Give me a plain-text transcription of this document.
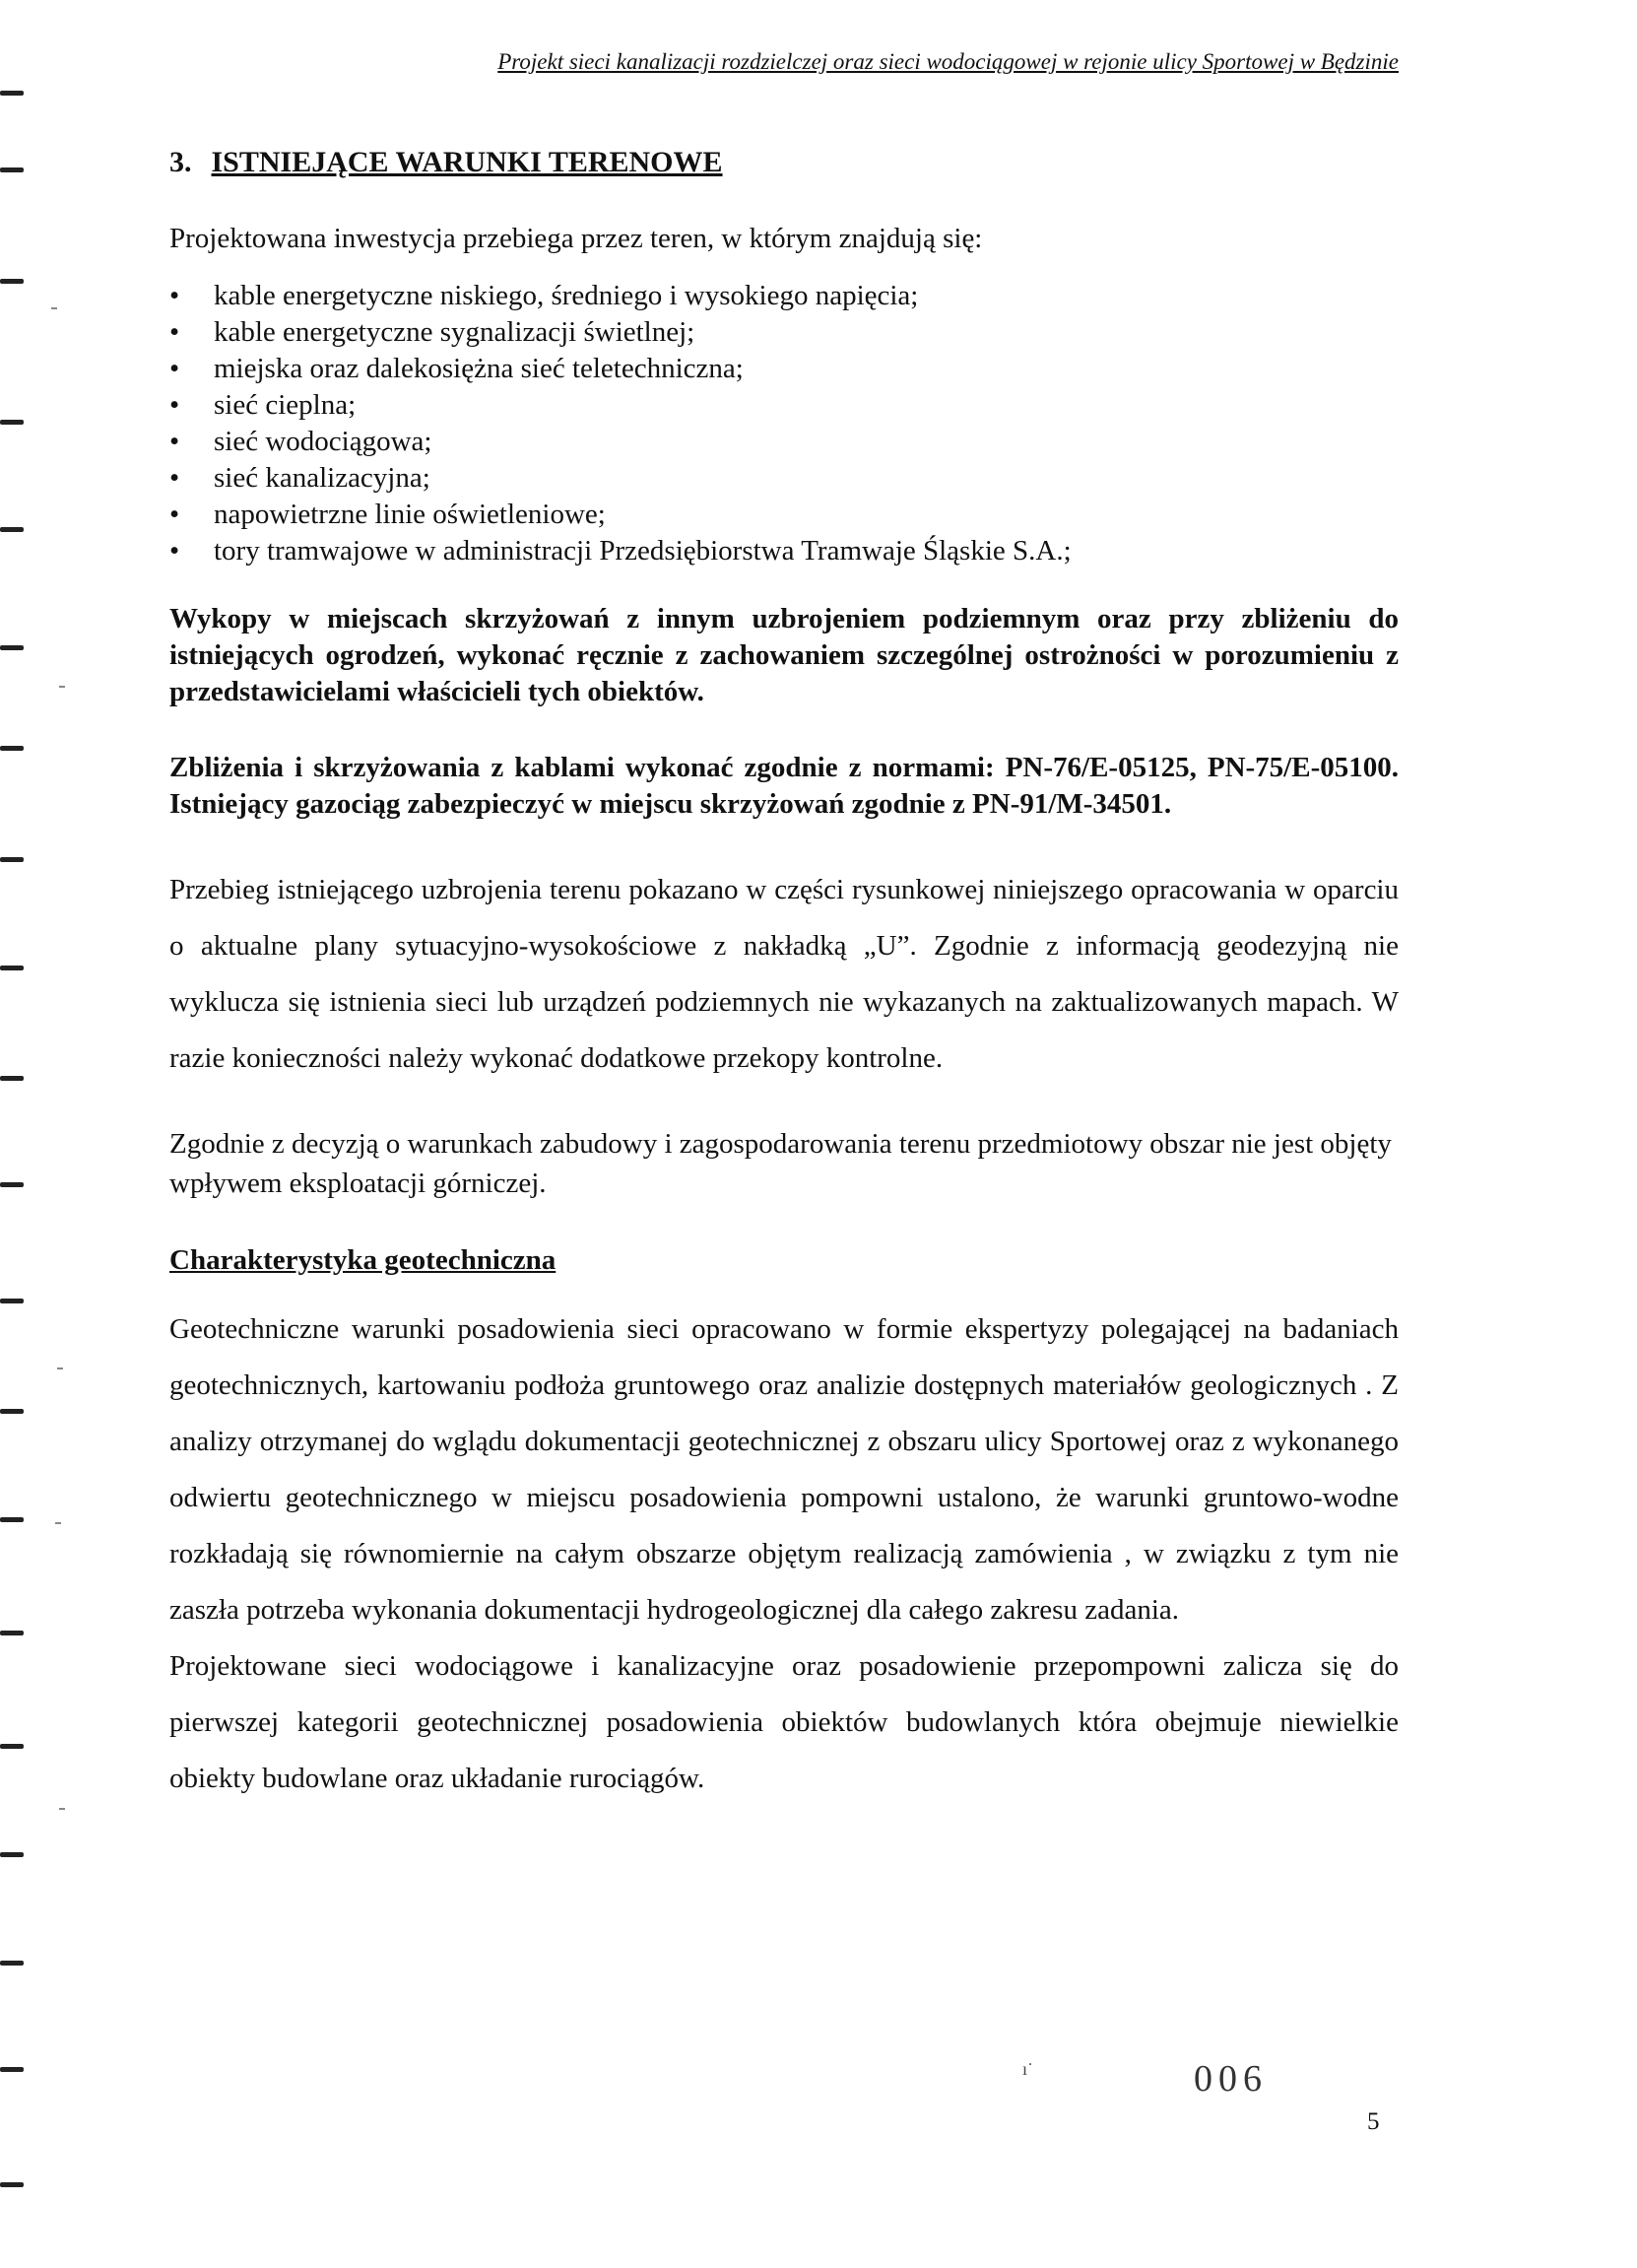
Projekt sieci kanalizacji rozdzielczej oraz sieci wodociągowej w rejonie ulicy Sportowej w Będzinie
3. ISTNIEJĄCE WARUNKI TERENOWE

Projektowana inwestycja przebiega przez teren, w którym znajdują się:

• kable energetyczne niskiego, średniego i wysokiego napięcia;
• kable energetyczne sygnalizacji świetlnej;
• miejska oraz dalekosiężna sieć teletechniczna;
• sieć cieplna;
• sieć wodociągowa;
• sieć kanalizacyjna;
• napowietrzne linie oświetleniowe;
• tory tramwajowe w administracji Przedsiębiorstwa Tramwaje Śląskie S.A.;

Wykopy w miejscach skrzyżowań z innym uzbrojeniem podziemnym oraz przy zbliżeniu do istniejących ogrodzeń, wykonać ręcznie z zachowaniem szczególnej ostrożności w porozumieniu z przedstawicielami właścicieli tych obiektów.

Zbliżenia i skrzyżowania z kablami wykonać zgodnie z normami: PN-76/E-05125, PN-75/E-05100. Istniejący gazociąg zabezpieczyć w miejscu skrzyżowań zgodnie z PN-91/M-34501.

Przebieg istniejącego uzbrojenia terenu pokazano w części rysunkowej niniejszego opracowania w oparciu o aktualne plany sytuacyjno-wysokościowe z nakładką „U”. Zgodnie z informacją geodezyjną nie wyklucza się istnienia sieci lub urządzeń podziemnych nie wykazanych na zaktualizowanych mapach. W razie konieczności należy wykonać dodatkowe przekopy kontrolne.

Zgodnie z decyzją o warunkach zabudowy i zagospodarowania terenu przedmiotowy obszar nie jest objęty wpływem eksploatacji górniczej.

Charakterystyka geotechniczna

Geotechniczne warunki posadowienia sieci opracowano w formie ekspertyzy polegającej na badaniach geotechnicznych, kartowaniu podłoża gruntowego oraz analizie dostępnych materiałów geologicznych . Z analizy otrzymanej do wglądu dokumentacji geotechnicznej z obszaru ulicy Sportowej oraz z wykonanego odwiertu geotechnicznego w miejscu posadowienia pompowni ustalono, że warunki gruntowo-wodne rozkładają się równomiernie na całym obszarze objętym realizacją zamówienia , w związku z tym nie zaszła potrzeba wykonania dokumentacji hydrogeologicznej dla całego zakresu zadania.

Projektowane sieci wodociągowe i kanalizacyjne oraz posadowienie przepompowni zalicza się do pierwszej kategorii geotechnicznej posadowienia obiektów budowlanych która obejmuje niewielkie obiekty budowlane oraz układanie rurociągów.

ı˙	006
5
